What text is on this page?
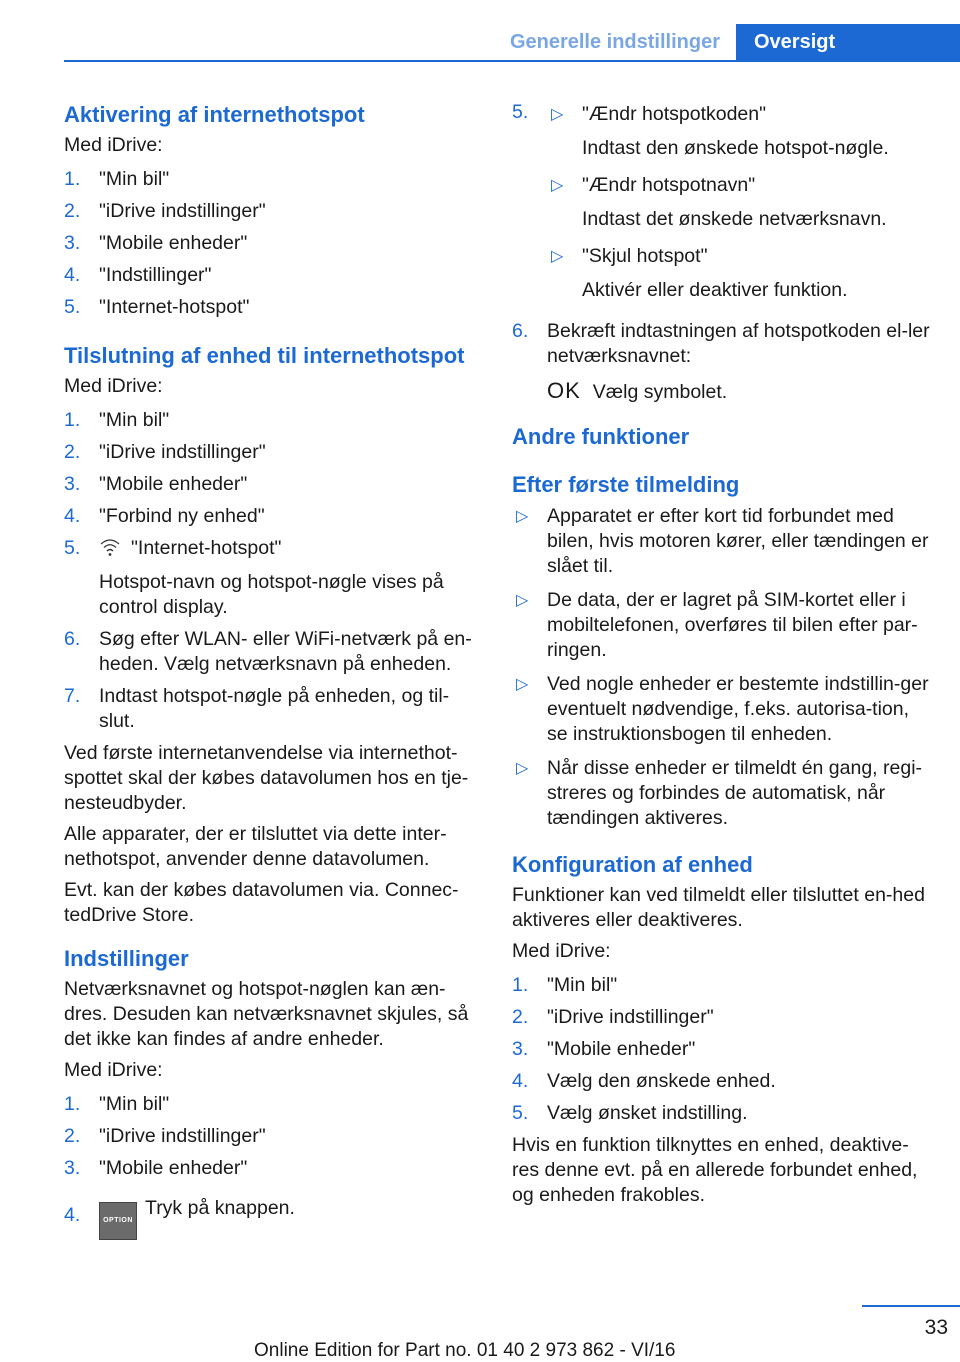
Generelle indstillinger	Oversigt
Aktivering af internethotspot

Med iDrive:

1. "Min bil"
2. "iDrive indstillinger"
3. "Mobile enheder"
4. "Indstillinger"
5. "Internet-hotspot"
Tilslutning af enhed til internethotspot

Med iDrive:

1. "Min bil"
2. "iDrive indstillinger"
3. "Mobile enheder"
4. "Forbind ny enhed"
5.	"Internet-hotspot"
Hotspot-navn og hotspot-nøgle vises på control display.
6. Søg efter WLAN- eller WiFi-netværk på en-heden. Vælg netværksnavn på enheden.
7. Indtast hotspot-nøgle på enheden, og til-slut.

Ved første internetanvendelse via internethot-spottet skal der købes datavolumen hos en tje-nesteudbyder.

Alle apparater, der er tilsluttet via dette inter-nethotspot, anvender denne datavolumen.

Evt. kan der købes datavolumen via. Connec-tedDrive Store.

Indstillinger

Netværksnavnet og hotspot-nøglen kan æn-dres. Desuden kan netværksnavnet skjules, så det ikke kan findes af andre enheder.

Med iDrive:

1. "Min bil"
2. "iDrive indstillinger"
3. "Mobile enheder"
4.	OPTIONTryk på knappen.
5. ▷ "Ændr hotspotkoden"
Indtast den ønskede hotspot-nøgle.
▷ "Ændr hotspotnavn"
Indtast det ønskede netværksnavn.
▷ "Skjul hotspot"
Aktivér eller deaktiver funktion.
6. Bekræft indtastningen af hotspotkoden el-ler netværksnavnet:
OK Vælg symbolet.
Andre funktioner
Efter første tilmelding
▷ Apparatet er efter kort tid forbundet med bilen, hvis motoren kører, eller tændingen er slået til.
▷ De data, der er lagret på SIM-kortet eller i mobiltelefonen, overføres til bilen efter par-ringen.
▷ Ved nogle enheder er bestemte indstillin-ger eventuelt nødvendige, f.eks. autorisa-tion, se instruktionsbogen til enheden.
▷ Når disse enheder er tilmeldt én gang, regi-streres og forbindes de automatisk, når tændingen aktiveres.
Konfiguration af enhed

Funktioner kan ved tilmeldt eller tilsluttet en-hed aktiveres eller deaktiveres.

Med iDrive:

1. "Min bil"
2. "iDrive indstillinger"
3. "Mobile enheder"
4. Vælg den ønskede enhed.
5. Vælg ønsket indstilling.

Hvis en funktion tilknyttes en enhed, deaktive-res denne evt. på en allerede forbundet enhed, og enheden frakobles.

33
Online Edition for Part no. 01 40 2 973 862 - VI/16
